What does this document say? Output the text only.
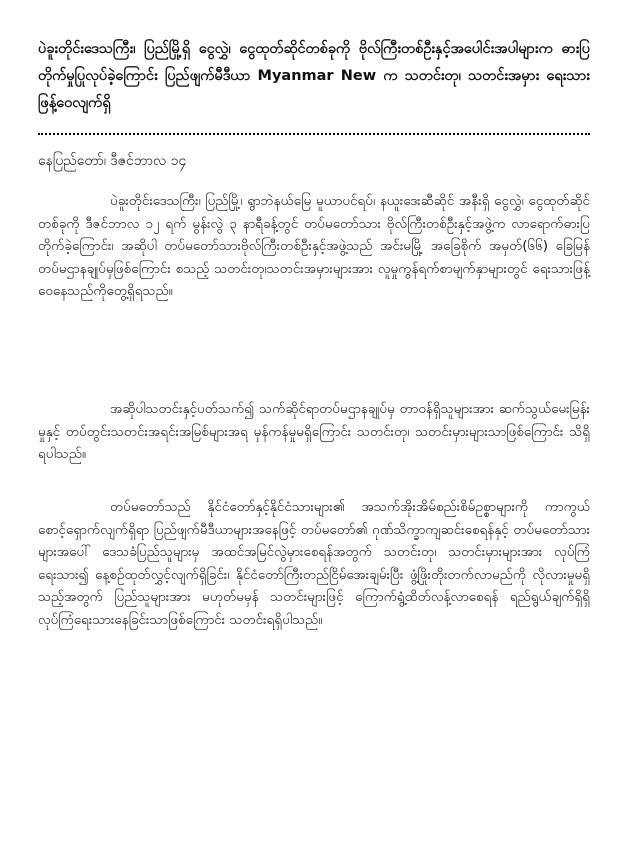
ပဲခူးတိုင်းဒေသကြီး၊ ပြည်မြို့ရှိ ငွေလွှဲ၊ ငွေထုတ်ဆိုင်တစ်ခုကို ဗိုလ်ကြီးတစ်ဦးနှင့်အပေါင်းအပါများက ဓားပြတိုက်မှုပြုလုပ်ခဲ့ကြောင်း ပြည်ဖျက်မီဒီယာ Myanmar New က သတင်းတု၊ သတင်းအမှား ရေးသားဖြန့်ဝေလျက်ရှိ
နေပြည်တော်၊ ဒီဇင်ဘာလ ၁၄

ပဲခူးတိုင်းဒေသကြီး၊ ပြည်မြို့၊ ရွာဘဲနယ်မြေ မူယာပင်ရပ်၊ နယူးဒေးဆီဆိုင် အနီးရှိ ငွေလွှဲ၊ ငွေထုတ်ဆိုင်တစ်ခုကို ဒီဇင်ဘာလ ၁၂ ရက် မွန်းလွဲ ၃ နာရီခန့်တွင် တပ်မတော်သား ဗိုလ်ကြီးတစ်ဦးနှင့်အဖွဲ့က လာရောက်ဓားပြတိုက်ခဲ့ကြောင်း၊ အဆိုပါ တပ်မတော်သားဗိုလ်ကြီးတစ်ဦးနှင့်အဖွဲ့သည် အင်းမမြို့ အခြေစိုက် အမှတ်(၆၆) ခြေမြန် တပ်မဌာနချုပ်မှဖြစ်ကြောင်း စသည့် သတင်းတု၊သတင်းအမှားများအား လူမှုကွန်ရက်စာမျက်နှာများတွင် ရေးသားဖြန့်ဝေနေသည်ကိုတွေ့ရှိရသည်။

အဆိုပါသတင်းနှင့်ပတ်သက်၍ သက်ဆိုင်ရာတပ်မဌာနချုပ်မှ တာဝန်ရှိသူများအား ဆက်သွယ်မေးမြန်းမှုနှင့် တပ်တွင်းသတင်းအရင်းအမြစ်များအရ မှန်ကန်မှုမရှိကြောင်း သတင်းတု၊ သတင်းမှားများသာဖြစ်ကြောင်း သိရှိရပါသည်။

တပ်မတော်သည် နိုင်ငံတော်နှင့်နိုင်ငံသားများ၏ အသက်အိုးအိမ်စည်းစိမ်ဥစ္စာများကို ကာကွယ်စောင့်ရှောက်လျက်ရှိရာ ပြည်ဖျက်မီဒီယာများအနေဖြင့် တပ်မတော်၏ ဂုဏ်သိက္ခာကျဆင်းစေရန်နှင့် တပ်မတော်သားများအပေါ် ဒေသခံပြည်သူများမှ အထင်အမြင်လွဲမှားစေရန်အတွက် သတင်းတု၊ သတင်းမှားများအား လုပ်ကြံရေးသား၍ နေ့စဉ်ထုတ်လွှင့်လျက်ရှိခြင်း၊ နိုင်ငံတော်ကြီးတည်ငြိမ်အေးချမ်းပြီး ဖွံ့ဖြိုးတိုးတက်လာမည်ကို လိုလားမှုမရှိသည့်အတွက် ပြည်သူများအား မဟုတ်မမှန် သတင်းများဖြင့် ကြောက်ရွံ့ထိတ်လန့်လာစေရန် ရည်ရွယ်ချက်ရှိရှိ လုပ်ကြံရေးသားနေခြင်းသာဖြစ်ကြောင်း သတင်းရရှိပါသည်။
